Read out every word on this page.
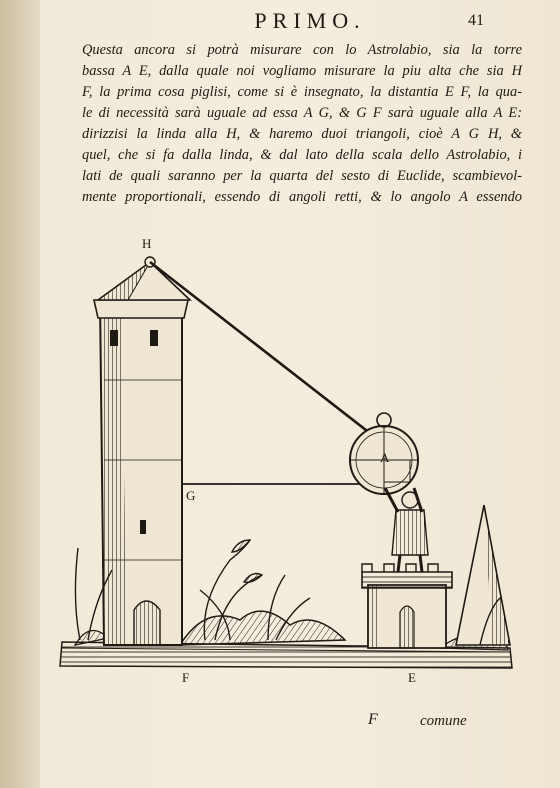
PRIMO.	41
Questa ancora si potrà misurare con lo Astrolabio, sia la torre
bassa A E, dalla quale noi vogliamo misurare la piu alta che sia H
F, la prima cosa piglisi, come si è insegnato, la distantia E F, la qua-
le di necessità sarà uguale ad essa A G, & G F sarà uguale alla A E:
dirizzisi la linda alla H, & haremo duoi triangoli, cioè A G H, &
quel, che si fa dalla linda, & dal lato della scala dello Astrolabio, i
lati de quali saranno per la quarta del sesto di Euclide, scambievol-
mente proportionali, essendo di angoli retti, & lo angolo A essendo
A
H
G
F	E
F	comune
